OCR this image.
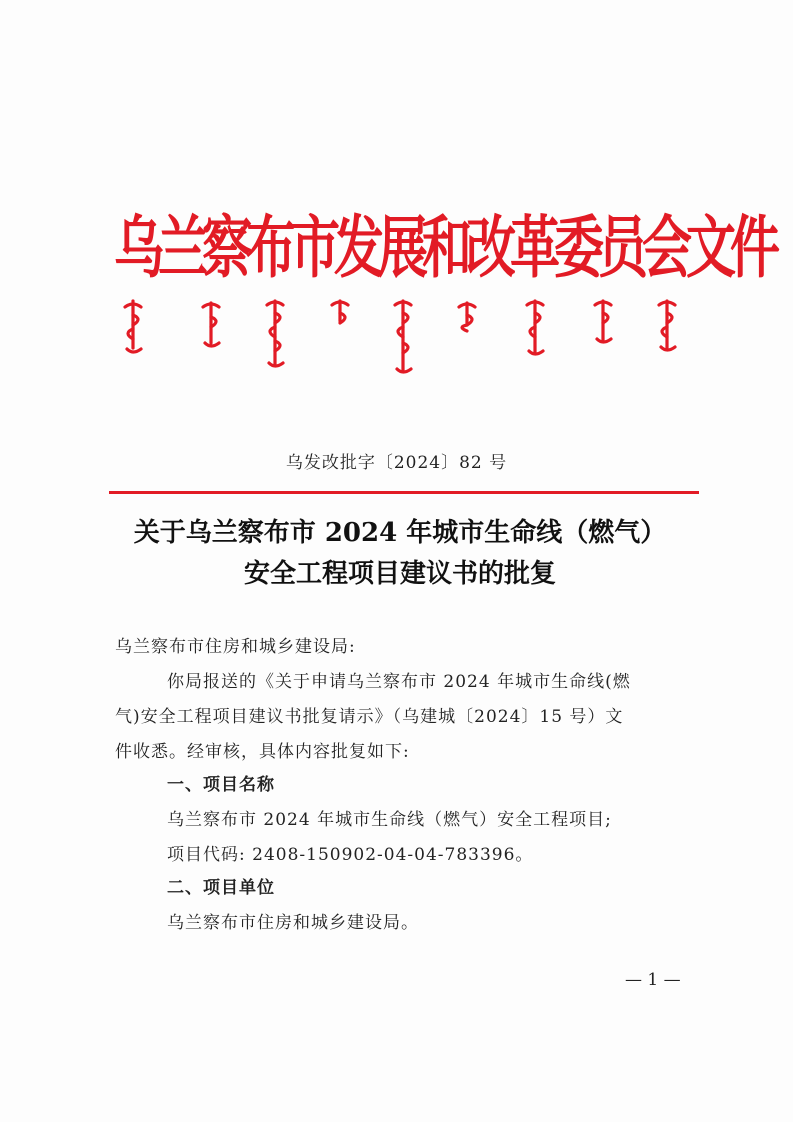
乌兰察布市发展和改革委员会文件
乌发改批字〔2024〕82 号
关于乌兰察布市 2024 年城市生命线（燃气）
安全工程项目建议书的批复
乌兰察布市住房和城乡建设局:
你局报送的《关于申请乌兰察布市 2024 年城市生命线(燃
气)安全工程项目建议书批复请示》（乌建城〔2024〕15 号）文
件收悉。经审核，具体内容批复如下:
一、项目名称
乌兰察布市 2024 年城市生命线（燃气）安全工程项目;
项目代码: 2408-150902-04-04-783396。
二、项目单位
乌兰察布市住房和城乡建设局。
— 1 —
